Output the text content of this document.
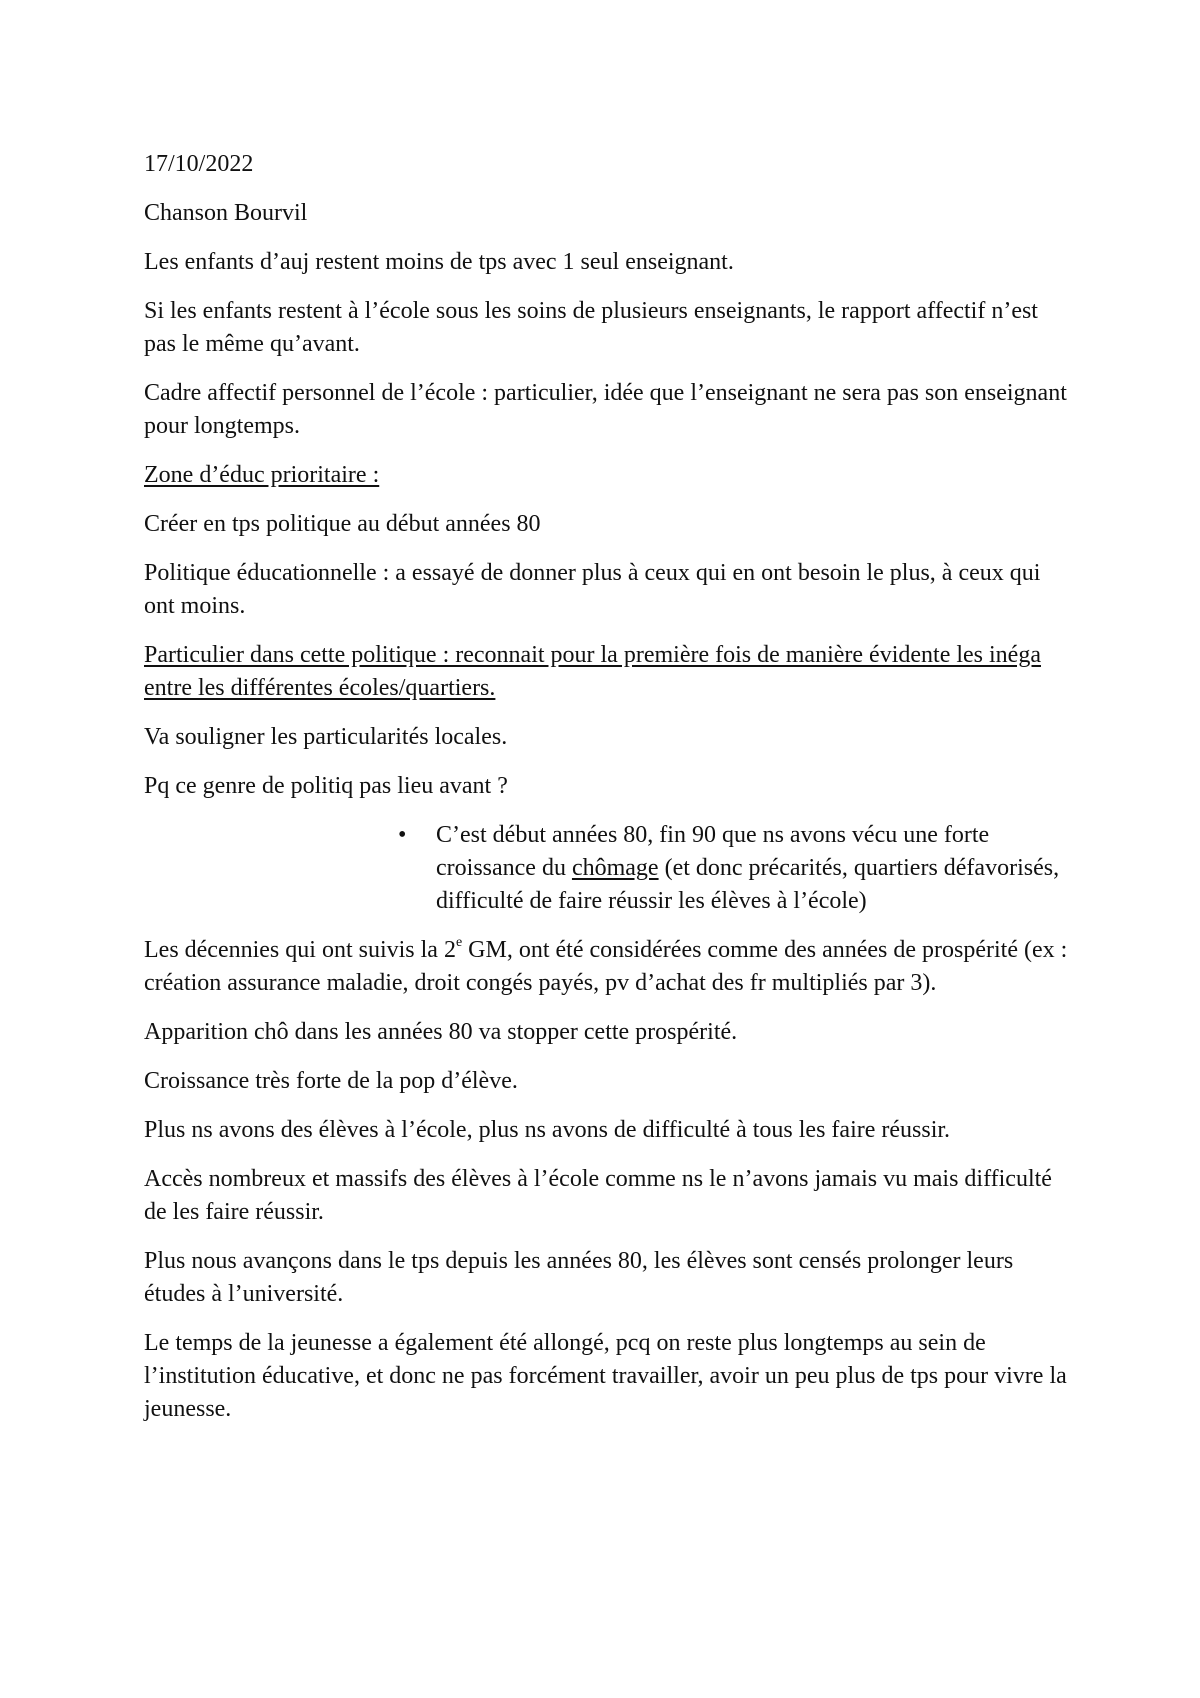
17/10/2022

Chanson Bourvil

Les enfants d’auj restent moins de tps avec 1 seul enseignant.

Si les enfants restent à l’école sous les soins de plusieurs enseignants, le rapport affectif n’est pas le même qu’avant.

Cadre affectif personnel de l’école : particulier, idée que l’enseignant ne sera pas son enseignant pour longtemps.

Zone d’éduc prioritaire :

Créer en tps politique au début années 80

Politique éducationnelle : a essayé de donner plus à ceux qui en ont besoin le plus, à ceux qui ont moins.

Particulier dans cette politique : reconnait pour la première fois de manière évidente les inéga entre les différentes écoles/quartiers.

Va souligner les particularités locales.

Pq ce genre de politiq pas lieu avant ?

• C’est début années 80, fin 90 que ns avons vécu une forte croissance du chômage (et donc précarités, quartiers défavorisés, difficulté de faire réussir les élèves à l’école)

Les décennies qui ont suivis la 2e GM, ont été considérées comme des années de prospérité (ex : création assurance maladie, droit congés payés, pv d’achat des fr multipliés par 3).

Apparition chô dans les années 80 va stopper cette prospérité.

Croissance très forte de la pop d’élève.

Plus ns avons des élèves à l’école, plus ns avons de difficulté à tous les faire réussir.

Accès nombreux et massifs des élèves à l’école comme ns le n’avons jamais vu mais difficulté de les faire réussir.

Plus nous avançons dans le tps depuis les années 80, les élèves sont censés prolonger leurs études à l’université.

Le temps de la jeunesse a également été allongé, pcq on reste plus longtemps au sein de l’institution éducative, et donc ne pas forcément travailler, avoir un peu plus de tps pour vivre la jeunesse.
